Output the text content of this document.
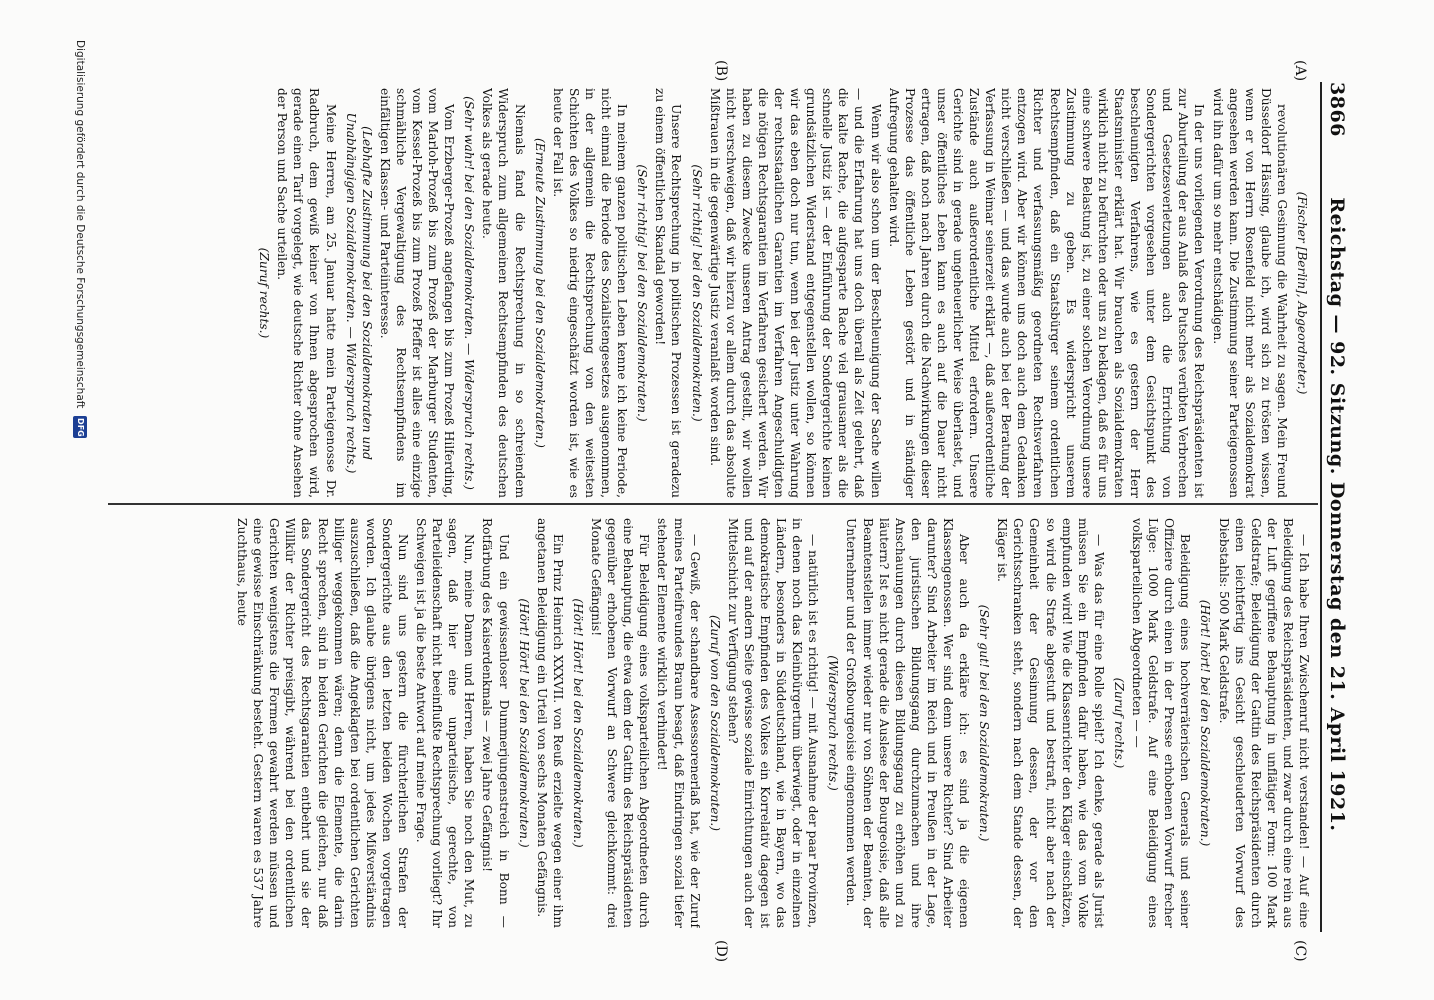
3866
Reichstag — 92. Sitzung. Donnerstag den 21. April 1921.
(A)
(B)
(C)
(D)

(Fischer [Berlin], Abgeordneter.)

revolutionären Gesinnung die Wahrheit zu sagen. Mein Freund Düsseldorf Hässing, glaube ich, wird sich zu trösten wissen, wenn er von Herrn Rosenfeld nicht mehr als Sozialdemokrat angesehen werden kann. Die Zustimmung seiner Parteigenossen wird ihn dafür um so mehr entschädigen.

In der uns vorliegenden Verordnung des Reichspräsidenten ist zur Aburteilung der aus Anlaß des Putsches verübten Verbrechen und Gesetzesverletzungen auch die Errichtung von Sondergerichten vorgesehen unter dem Gesichtspunkt des beschleunigten Verfahrens, wie es gestern der Herr Staatsminister erklärt hat. Wir brauchen als Sozialdemokraten wirklich nicht zu befürchten oder uns zu beklagen, daß es für uns eine schwere Belastung ist, zu einer solchen Verordnung unsere Zustimmung zu geben. Es widerspricht unserem Rechtsempfinden, daß ein Staatsbürger seinem ordentlichen Richter und verfassungsmäßig geordneten Rechtsverfahren entzogen wird. Aber wir können uns doch auch dem Gedanken nicht verschließen — und das wurde auch bei der Beratung der Verfassung in Weimar seinerzeit erklärt —, daß außerordentliche Zustände auch außerordentliche Mittel erfordern. Unsere Gerichte sind in gerade ungeheuerlicher Weise überlastet, und unser öffentliches Leben kann es auch auf die Dauer nicht ertragen, daß noch nach Jahren durch die Nachwirkungen dieser Prozesse das öffentliche Leben gestört und in ständiger Aufregung gehalten wird.

Wenn wir also schon um der Beschleunigung der Sache willen — und die Erfahrung hat uns doch überall als Zeit gelehrt, daß die kalte Rache, die aufgesparte Rache viel grausamer als die schnelle Justiz ist — der Einführung der Sondergerichte keinen grundsätzlichen Widerstand entgegenstellen wollen, so können wir das eben doch nur tun, wenn bei der Justiz unter Wahrung der rechtsstaatlichen Garantien im Verfahren Angeschuldigten die nötigen Rechtsgarantien im Verfahren gesichert werden. Wir haben zu diesem Zwecke unseren Antrag gestellt, wir wollen nicht verschweigen, daß wir hierzu vor allem durch das absolute Mißtrauen in die gegenwärtige Justiz veranlaßt worden sind.

(Sehr richtig! bei den Sozialdemokraten.)

Unsere Rechtsprechung in politischen Prozessen ist geradezu zu einem öffentlichen Skandal geworden!

(Sehr richtig! bei den Sozialdemokraten.)

In meinem ganzen politischen Leben kenne ich keine Periode, nicht einmal die Periode des Sozialistengesetzes ausgenommen, in der allgemein die Rechtsprechung von den weitesten Schichten des Volkes so niedrig eingeschätzt worden ist, wie es heute der Fall ist.

(Erneute Zustimmung bei den Sozialdemokraten.)

Niemals fand die Rechtsprechung in so schreiendem Widerspruch zum allgemeinen Rechtsempfinden des deutschen Volkes als gerade heute.

(Sehr wahr! bei den Sozialdemokraten. — Widerspruch rechts.)

Vom Erzberger-Prozeß angefangen bis zum Prozeß Hilferding, vom Marloh-Prozeß bis zum Prozeß der Marburger Studenten, vom Kessel-Prozeß bis zum Prozeß Pfeffer ist alles eine einzige schmähliche Vergewaltigung des Rechtsempfindens im einfältigen Klassen- und Parteiinteresse.

(Lebhafte Zustimmung bei den Sozialdemokraten und Unabhängigen Sozialdemokraten. — Widerspruch rechts.)

Meine Herren, am 25. Januar hatte mein Parteigenosse Dr. Radbruch, dem gewiß keiner von Ihnen abgesprochen wird, gerade einen Tarif vorgelegt, wie deutsche Richter ohne Ansehen der Person und Sache urteilen.

(Zuruf rechts.)

— Ich habe Ihren Zwischenruf nicht verstanden! — Auf eine Beleidigung des Reichspräsidenten, und zwar durch eine rein aus der Luft gegriffene Behauptung in unflätiger Form: 100 Mark Geldstrafe; Beleidigung der Gattin des Reichspräsidenten durch einen leichtfertig ins Gesicht geschleuderten Vorwurf des Diebstahls: 500 Mark Geldstrafe.

(Hört! hört! bei den Sozialdemokraten.)

Beleidigung eines hochverräterischen Generals und seiner Offiziere durch einen in der Presse erhobenen Vorwurf frecher Lüge: 1000 Mark Geldstrafe. Auf eine Beleidigung eines volksparteilichen Abgeordneten — —

(Zuruf rechts.)

— Was das für eine Rolle spielt? Ich denke, gerade als Jurist müssen Sie ein Empfinden dafür haben, wie das vom Volke empfunden wird! Wie die Klassenrichter den Kläger einschätzen, so wird die Strafe abgestuft und bestraft, nicht aber nach der Gemeinheit der Gesinnung dessen, der vor den Gerichtsschranken steht, sondern nach dem Stande dessen, der Kläger ist.

(Sehr gut! bei den Sozialdemokraten.)

Aber auch da erkläre ich: es sind ja die eigenen Klassengenossen. Wer sind denn unsere Richter? Sind Arbeiter darunter? Sind Arbeiter im Reich und in Preußen in der Lage, den juristischen Bildungsgang durchzumachen und ihre Anschauungen durch diesen Bildungsgang zu erhöhen und zu läutern? Ist es nicht gerade die Auslese der Bourgeoisie, daß alle Beamtenstellen immer wieder nur von Söhnen der Beamten, der Unternehmer und der Großbourgeoisie eingenommen werden.

(Widerspruch rechts.)

— natürlich ist es richtig! — mit Ausnahme der paar Provinzen, in denen noch das Kleinbürgertum überwiegt, oder in einzelnen Ländern, besonders in Süddeutschland, wie in Bayern, wo das demokratische Empfinden des Volkes ein Korrelativ dagegen ist und auf der andern Seite gewisse soziale Einrichtungen auch der Mittelschicht zur Verfügung stehen?

(Zuruf von den Sozialdemokraten.)

— Gewiß, der schandbare Assessorenerlaß hat, wie der Zuruf meines Parteifreundes Braun besagt, daß Eindringen sozial tiefer stehender Elemente wirklich verhindert!

Für Beleidigung eines volksparteilichen Abgeordneten durch eine Behauptung, die etwa dem der Gattin des Reichspräsidenten gegenüber erhobenen Vorwurf an Schwere gleichkommt: drei Monate Gefängnis!

(Hört! Hört! bei den Sozialdemokraten.)

Ein Prinz Heinrich XXXVII. von Reuß erzielte wegen einer ihm angetanen Beleidigung ein Urteil von sechs Monaten Gefängnis.

(Hört! Hört! bei den Sozialdemokraten.)

Und ein gewissenloser Dummerjungenstreich in Bonn — Rotfärbung des Kaiserdenkmals — zwei Jahre Gefängnis!

Nun, meine Damen und Herren, haben Sie noch den Mut, zu sagen, daß hier eine unparteiische, gerechte, von Parteileidenschaft nicht beeinflußte Rechtsprechung vorliegt? Ihr Schweigen ist ja die beste Antwort auf meine Frage.

Nun sind uns gestern die fürchterlichen Strafen der Sondergerichte aus den letzten beiden Wochen vorgetragen worden. Ich glaube übrigens nicht, um jedes Mißverständnis auszuschließen, daß die Angeklagten bei ordentlichen Gerichten billiger weggekommen wären; denn die Elemente, die darin Recht sprechen, sind in beiden Gerichten die gleichen, nur daß das Sondergericht des Rechtsgarantien entbehrt und sie der Willkür der Richter preisgibt, während bei den ordentlichen Gerichten wenigstens die Formen gewahrt werden müssen und eine gewisse Einschränkung besteht. Gestern waren es 537 Jahre Zuchthaus, heute

Digitalisierung gefördert durch die Deutsche Forschungsgemeinschaft
DFG
